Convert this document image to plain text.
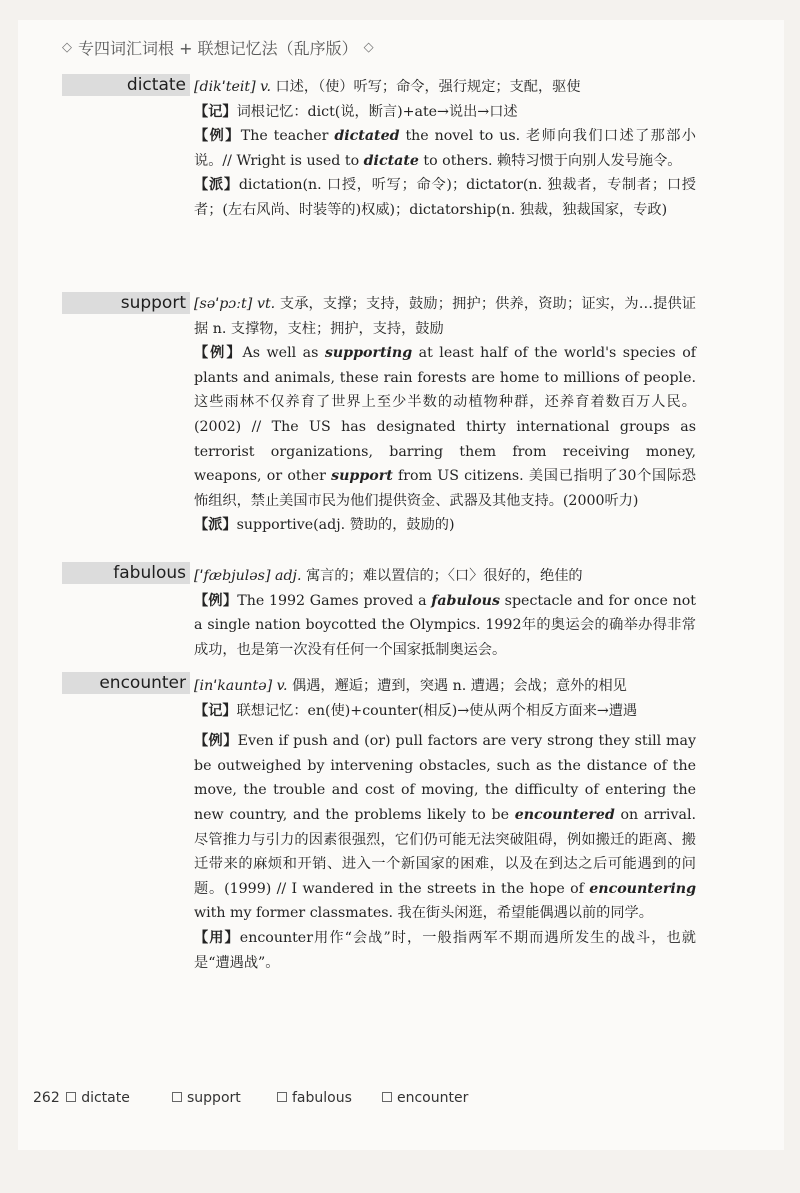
◇ 专四词汇词根 + 联想记忆法（乱序版） ◇
dictate [dikˈteit] v. 口述，（使）听写；命令，强行规定；支配，驱使

【记】词根记忆：dict(说，断言)+ate→说出→口述

【例】The teacher dictated the novel to us. 老师向我们口述了那部小说。// Wright is used to dictate to others. 赖特习惯于向别人发号施令。

【派】dictation(n. 口授，听写；命令)；dictator(n. 独裁者，专制者；口授者；(左右风尚、时装等的)权威)；dictatorship(n. 独裁，独裁国家，专政)

support [səˈpɔːt] vt. 支承，支撑；支持，鼓励；拥护；供养，资助；证实，为…提供证据 n. 支撑物，支柱；拥护，支持，鼓励

【例】As well as supporting at least half of the world's species of plants and animals, these rain forests are home to millions of people. 这些雨林不仅养育了世界上至少半数的动植物种群，还养育着数百万人民。(2002) // The US has designated thirty international groups as terrorist organizations, barring them from receiving money, weapons, or other support from US citizens. 美国已指明了30个国际恐怖组织，禁止美国市民为他们提供资金、武器及其他支持。(2000听力)

【派】supportive(adj. 赞助的，鼓励的)

fabulous [ˈfæbjuləs] adj. 寓言的；难以置信的；〈口〉很好的，绝佳的

【例】The 1992 Games proved a fabulous spectacle and for once not a single nation boycotted the Olympics. 1992年的奥运会的确举办得非常成功，也是第一次没有任何一个国家抵制奥运会。

encounter [inˈkauntə] v. 偶遇，邂逅；遭到，突遇 n. 遭遇；会战；意外的相见

【记】联想记忆：en(使)+counter(相反)→使从两个相反方面来→遭遇

【例】Even if push and (or) pull factors are very strong they still may be outweighed by intervening obstacles, such as the distance of the move, the trouble and cost of moving, the difficulty of entering the new country, and the problems likely to be encountered on arrival. 尽管推力与引力的因素很强烈，它们仍可能无法突破阻碍，例如搬迁的距离、搬迁带来的麻烦和开销、进入一个新国家的困难，以及在到达之后可能遇到的问题。(1999) // I wandered in the streets in the hope of encountering with my former classmates. 我在街头闲逛，希望能偶遇以前的同学。

【用】encounter用作“会战”时，一般指两军不期而遇所发生的战斗，也就是“遭遇战”。

262 dictate	support	fabulous	encounter
